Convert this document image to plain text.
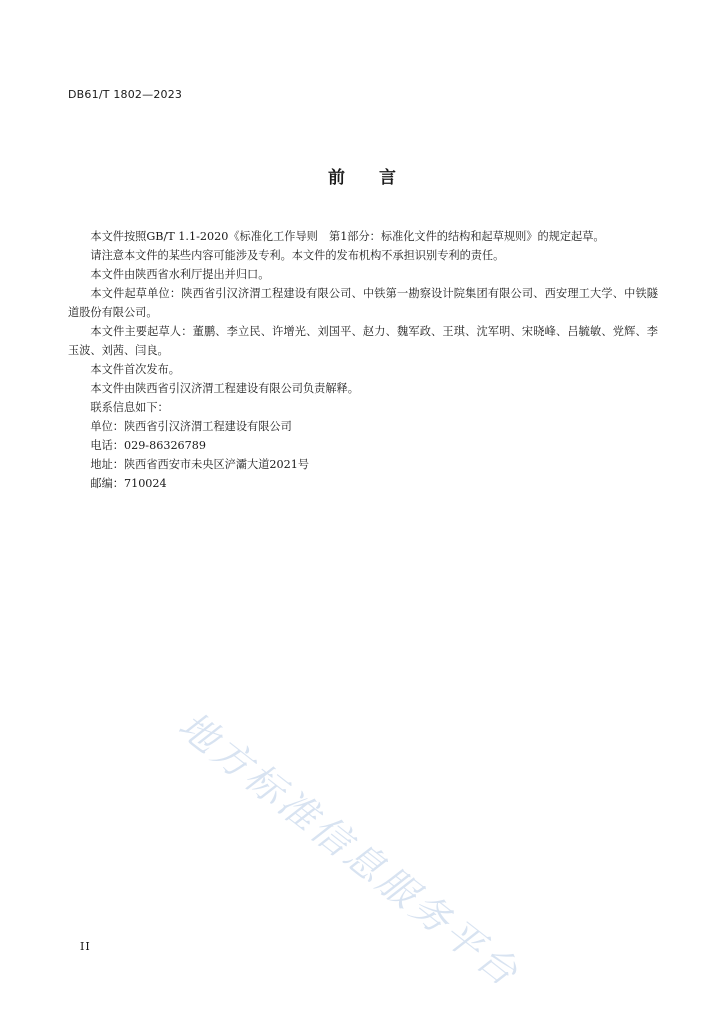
DB61/T 1802—2023
前 言

本文件按照GB/T 1.1-2020《标准化工作导则　第1部分：标准化文件的结构和起草规则》的规定起草。

请注意本文件的某些内容可能涉及专利。本文件的发布机构不承担识别专利的责任。

本文件由陕西省水利厅提出并归口。

本文件起草单位：陕西省引汉济渭工程建设有限公司、中铁第一勘察设计院集团有限公司、西安理工大学、中铁隧道股份有限公司。

本文件主要起草人：董鹏、李立民、许增光、刘国平、赵力、魏军政、王琪、沈军明、宋晓峰、吕毓敏、党辉、李玉波、刘茜、闫良。

本文件首次发布。

本文件由陕西省引汉济渭工程建设有限公司负责解释。

联系信息如下：

单位：陕西省引汉济渭工程建设有限公司

电话：029-86326789

地址：陕西省西安市未央区浐灞大道2021号

邮编：710024

地方标准信息服务平台
II
